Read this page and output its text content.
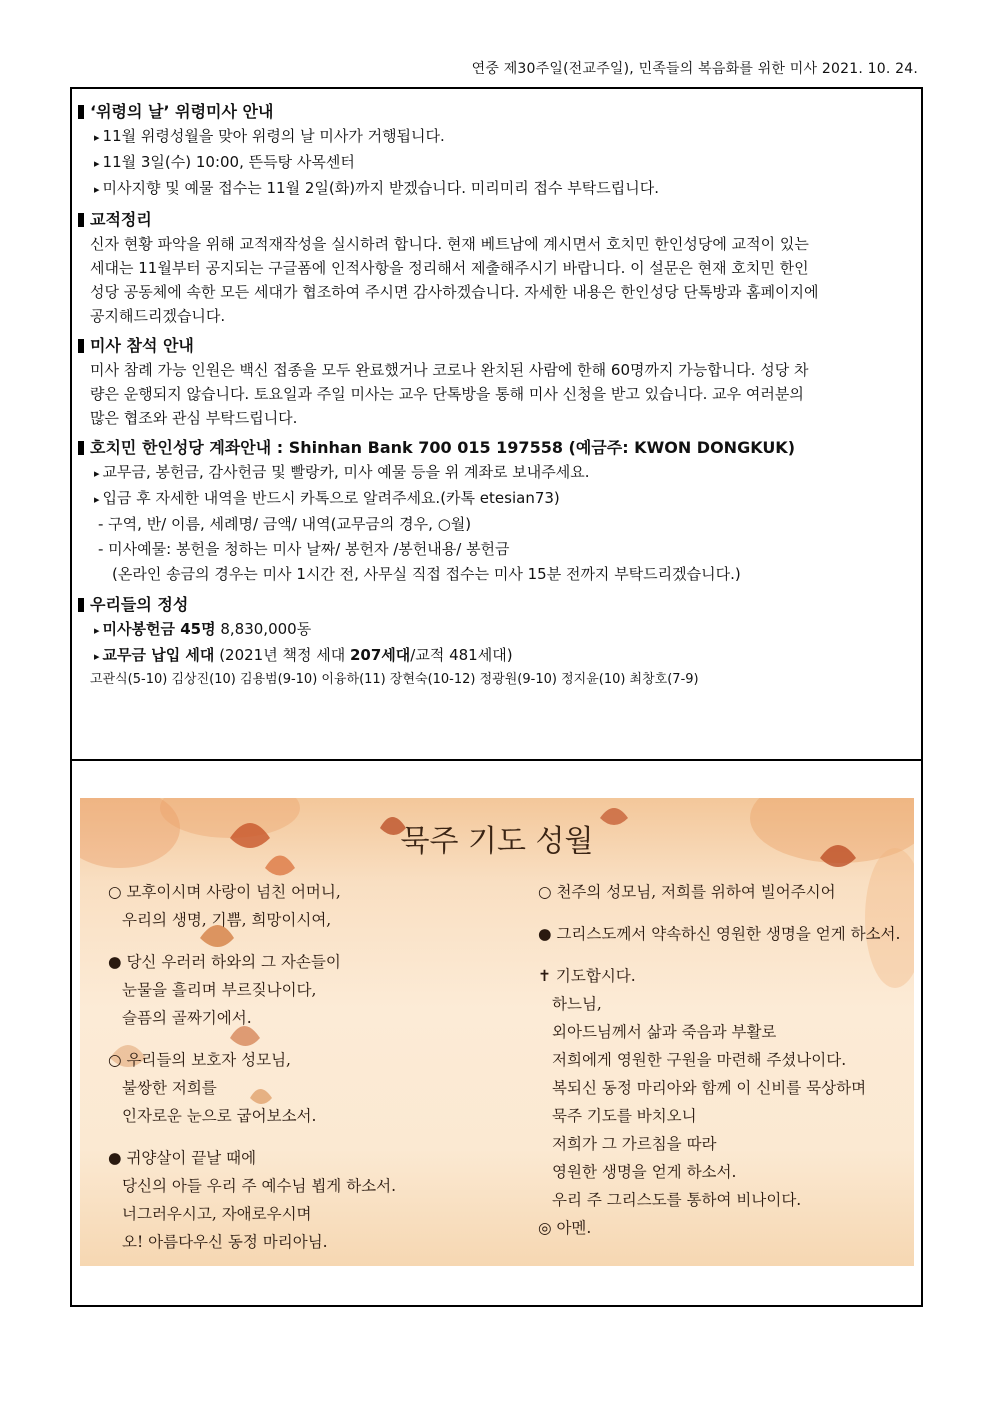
연중 제30주일(전교주일), 민족들의 복음화를 위한 미사 2021. 10. 24.
‘위령의 날’ 위령미사 안내
▸ 11월 위령성월을 맞아 위령의 날 미사가 거행됩니다.
▸ 11월 3일(수) 10:00, 뜬득탕 사목센터
▸ 미사지향 및 예물 접수는 11월 2일(화)까지 받겠습니다. 미리미리 접수 부탁드립니다.
교적정리
신자 현황 파악을 위해 교적재작성을 실시하려 합니다. 현재 베트남에 계시면서 호치민 한인성당에 교적이 있는
세대는 11월부터 공지되는 구글폼에 인적사항을 정리해서 제출해주시기 바랍니다. 이 설문은 현재 호치민 한인
성당 공동체에 속한 모든 세대가 협조하여 주시면 감사하겠습니다. 자세한 내용은 한인성당 단톡방과 홈페이지에
공지해드리겠습니다.
미사 참석 안내
미사 참례 가능 인원은 백신 접종을 모두 완료했거나 코로나 완치된 사람에 한해 60명까지 가능합니다. 성당 차
량은 운행되지 않습니다. 토요일과 주일 미사는 교우 단톡방을 통해 미사 신청을 받고 있습니다. 교우 여러분의
많은 협조와 관심 부탁드립니다.
호치민 한인성당 계좌안내 : Shinhan Bank 700 015 197558 (예금주: KWON DONGKUK)
▸ 교무금, 봉헌금, 감사헌금 및 빨랑카, 미사 예물 등을 위 계좌로 보내주세요.
▸ 입금 후 자세한 내역을 반드시 카톡으로 알려주세요.(카톡 etesian73)
- 구역, 반/ 이름, 세례명/ 금액/ 내역(교무금의 경우, ○월)
- 미사예물: 봉헌을 청하는 미사 날짜/ 봉헌자 /봉헌내용/ 봉헌금
(온라인 송금의 경우는 미사 1시간 전, 사무실 직접 접수는 미사 15분 전까지 부탁드리겠습니다.)
우리들의 정성
▸ 미사봉헌금 45명 8,830,000동
▸ 교무금 납입 세대 (2021년 책정 세대 207세대/교적 481세대)
고관식(5-10) 김상진(10) 김용범(9-10) 이융하(11) 장현숙(10-12) 정광원(9-10) 정지윤(10) 최창호(7-9)
묵주 기도 성월
○ 모후이시며 사랑이 넘친 어머니,
우리의 생명, 기쁨, 희망이시여,
● 당신 우러러 하와의 그 자손들이
눈물을 흘리며 부르짖나이다,
슬픔의 골짜기에서.
○ 우리들의 보호자 성모님,
불쌍한 저희를
인자로운 눈으로 굽어보소서.
● 귀양살이 끝날 때에
당신의 아들 우리 주 예수님 뵙게 하소서.
너그러우시고, 자애로우시며
오! 아름다우신 동정 마리아님.
○ 천주의 성모님, 저희를 위하여 빌어주시어
● 그리스도께서 약속하신 영원한 생명을 얻게 하소서.
✝ 기도합시다.
하느님,
외아드님께서 삶과 죽음과 부활로
저희에게 영원한 구원을 마련해 주셨나이다.
복되신 동정 마리아와 함께 이 신비를 묵상하며
묵주 기도를 바치오니
저희가 그 가르침을 따라
영원한 생명을 얻게 하소서.
우리 주 그리스도를 통하여 비나이다.
◎ 아멘.
